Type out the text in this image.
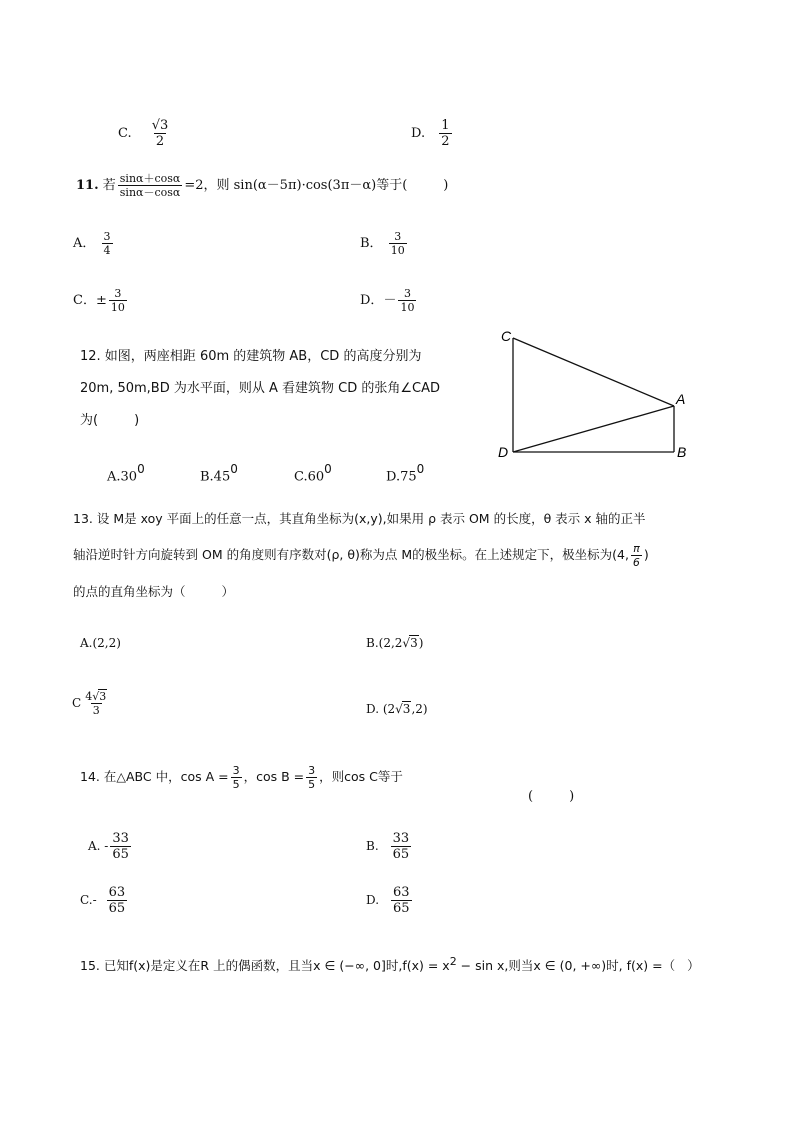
C. $\frac{√3}{2}$	D. $\frac{1}{2}$
11. 若 $\frac{\sin\alpha+\cos\alpha}{\sin\alpha-\cos\alpha} =2$，则 sin(α－5π)·cos(3π－α)等于(	)
A． $\frac{3}{4}$	B． $\frac{3}{10}$
C．± $\frac{3}{10}$	D．－ $\frac{3}{10}$
12. 如图，两座相距 60m 的建筑物 AB，CD 的高度分别为
20m, 50m,BD 为水平面，则从 A 看建筑物 CD 的张角∠CAD
为(	)
$A.30^0$
$B.45^0$
$C.60^0$
$D.75^0$
C
A
D	B
13. 设 M是 xoy 平面上的任意一点，其直角坐标为(x,y),如果用 ρ 表示 OM 的长度，θ 表示 x 轴的正半
轴沿逆时针方向旋转到 OM 的角度则有序数对(ρ, θ)称为点 M的极坐标。在上述规定下，极坐标为(4, $\frac{\pi}{6}$ )
的点的直角坐标为（	）
A.(2,2)	B.(2,2√3)
C $\frac{4√3}{3}$	D. (2√3,2)
14. 在△ABC 中，$\cos A = \frac{3}{5}$ ，$\cos B = \frac{3}{5}$ ，则cos C等于
(	)
A. - $\frac{33}{65}$	B. $\frac{33}{65}$
$C.- \frac{63}{65}$	D. $\frac{63}{65}$
15. 已知f(x)是定义在R 上的偶函数，且当x ∈ (−∞, 0]时$,f(x) = x^2 - \sin x$,则当x ∈ (0, +∞)时, f(x) =（ ）
